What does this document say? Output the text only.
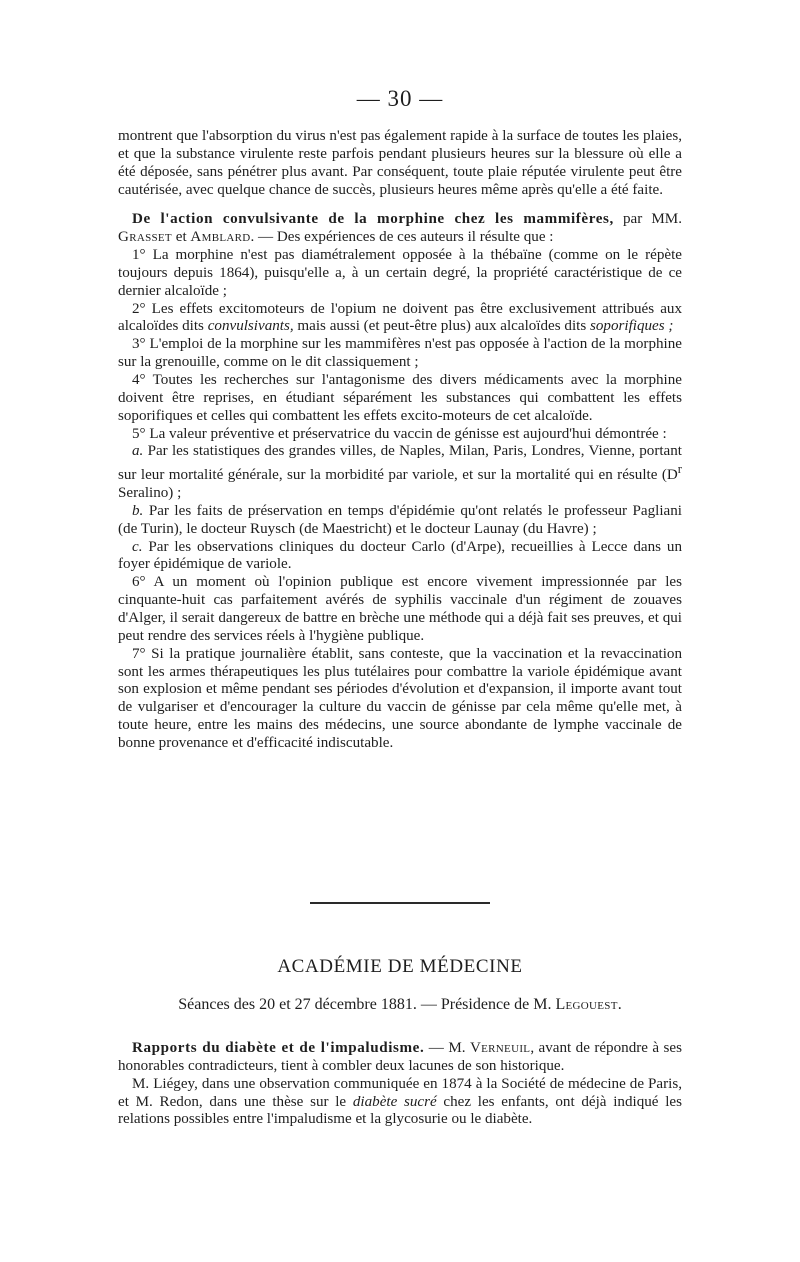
— 30 —

montrent que l'absorption du virus n'est pas également rapide à la surface de toutes les plaies, et que la substance virulente reste parfois pendant plusieurs heures sur la blessure où elle a été déposée, sans pénétrer plus avant. Par conséquent, toute plaie réputée virulente peut être cautérisée, avec quelque chance de succès, plusieurs heures même après qu'elle a été faite.

De l'action convulsivante de la morphine chez les mammifères, par MM. Grasset et Amblard. — Des expériences de ces auteurs il résulte que :

1° La morphine n'est pas diamétralement opposée à la thébaïne (comme on le répète toujours depuis 1864), puisqu'elle a, à un certain degré, la propriété caractéristique de ce dernier alcaloïde ;

2° Les effets excitomoteurs de l'opium ne doivent pas être exclusivement attribués aux alcaloïdes dits convulsivants, mais aussi (et peut-être plus) aux alcaloïdes dits soporifiques ;

3° L'emploi de la morphine sur les mammifères n'est pas opposée à l'action de la morphine sur la grenouille, comme on le dit classiquement ;

4° Toutes les recherches sur l'antagonisme des divers médicaments avec la morphine doivent être reprises, en étudiant séparément les substances qui combattent les effets soporifiques et celles qui combattent les effets excito-moteurs de cet alcaloïde.

5° La valeur préventive et préservatrice du vaccin de génisse est aujourd'hui démontrée :

a. Par les statistiques des grandes villes, de Naples, Milan, Paris, Londres, Vienne, portant sur leur mortalité générale, sur la morbidité par variole, et sur la mortalité qui en résulte ($D^r$ Seralino) ;

b. Par les faits de préservation en temps d'épidémie qu'ont relatés le professeur Pagliani (de Turin), le docteur Ruysch (de Maestricht) et le docteur Launay (du Havre) ;

c. Par les observations cliniques du docteur Carlo (d'Arpe), recueillies à Lecce dans un foyer épidémique de variole.

6° A un moment où l'opinion publique est encore vivement impressionnée par les cinquante-huit cas parfaitement avérés de syphilis vaccinale d'un régiment de zouaves d'Alger, il serait dangereux de battre en brèche une méthode qui a déjà fait ses preuves, et qui peut rendre des services réels à l'hygiène publique.

7° Si la pratique journalière établit, sans conteste, que la vaccination et la revaccination sont les armes thérapeutiques les plus tutélaires pour combattre la variole épidémique avant son explosion et même pendant ses périodes d'évolution et d'expansion, il importe avant tout de vulgariser et d'encourager la culture du vaccin de génisse par cela même qu'elle met, à toute heure, entre les mains des médecins, une source abondante de lymphe vaccinale de bonne provenance et d'efficacité indiscutable.

ACADÉMIE DE MÉDECINE
Séances des 20 et 27 décembre 1881. — Présidence de M. Legouest.

Rapports du diabète et de l'impaludisme. — M. Verneuil, avant de répondre à ses honorables contradicteurs, tient à combler deux lacunes de son historique.

M. Liégey, dans une observation communiquée en 1874 à la Société de médecine de Paris, et M. Redon, dans une thèse sur le diabète sucré chez les enfants, ont déjà indiqué les relations possibles entre l'impaludisme et la glycosurie ou le diabète.
